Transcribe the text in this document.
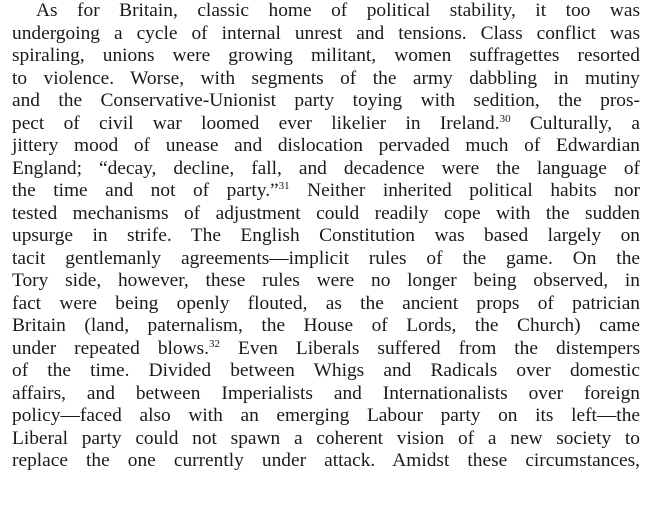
As for Britain, classic home of political stability, it too was
undergoing a cycle of internal unrest and tensions. Class conflict was
spiraling, unions were growing militant, women suffragettes resorted
to violence. Worse, with segments of the army dabbling in mutiny
and the Conservative-Unionist party toying with sedition, the pros-
pect of civil war loomed ever likelier in Ireland.$^{30}$ Culturally, a
jittery mood of unease and dislocation pervaded much of Edwardian
England; “decay, decline, fall, and decadence were the language of
the time and not of party.”$^{31}$ Neither inherited political habits nor
tested mechanisms of adjustment could readily cope with the sudden
upsurge in strife. The English Constitution was based largely on
tacit gentlemanly agreements—implicit rules of the game. On the
Tory side, however, these rules were no longer being observed, in
fact were being openly flouted, as the ancient props of patrician
Britain (land, paternalism, the House of Lords, the Church) came
under repeated blows.$^{32}$ Even Liberals suffered from the distempers
of the time. Divided between Whigs and Radicals over domestic
affairs, and between Imperialists and Internationalists over foreign
policy—faced also with an emerging Labour party on its left—the
Liberal party could not spawn a coherent vision of a new society to
replace the one currently under attack. Amidst these circumstances,
